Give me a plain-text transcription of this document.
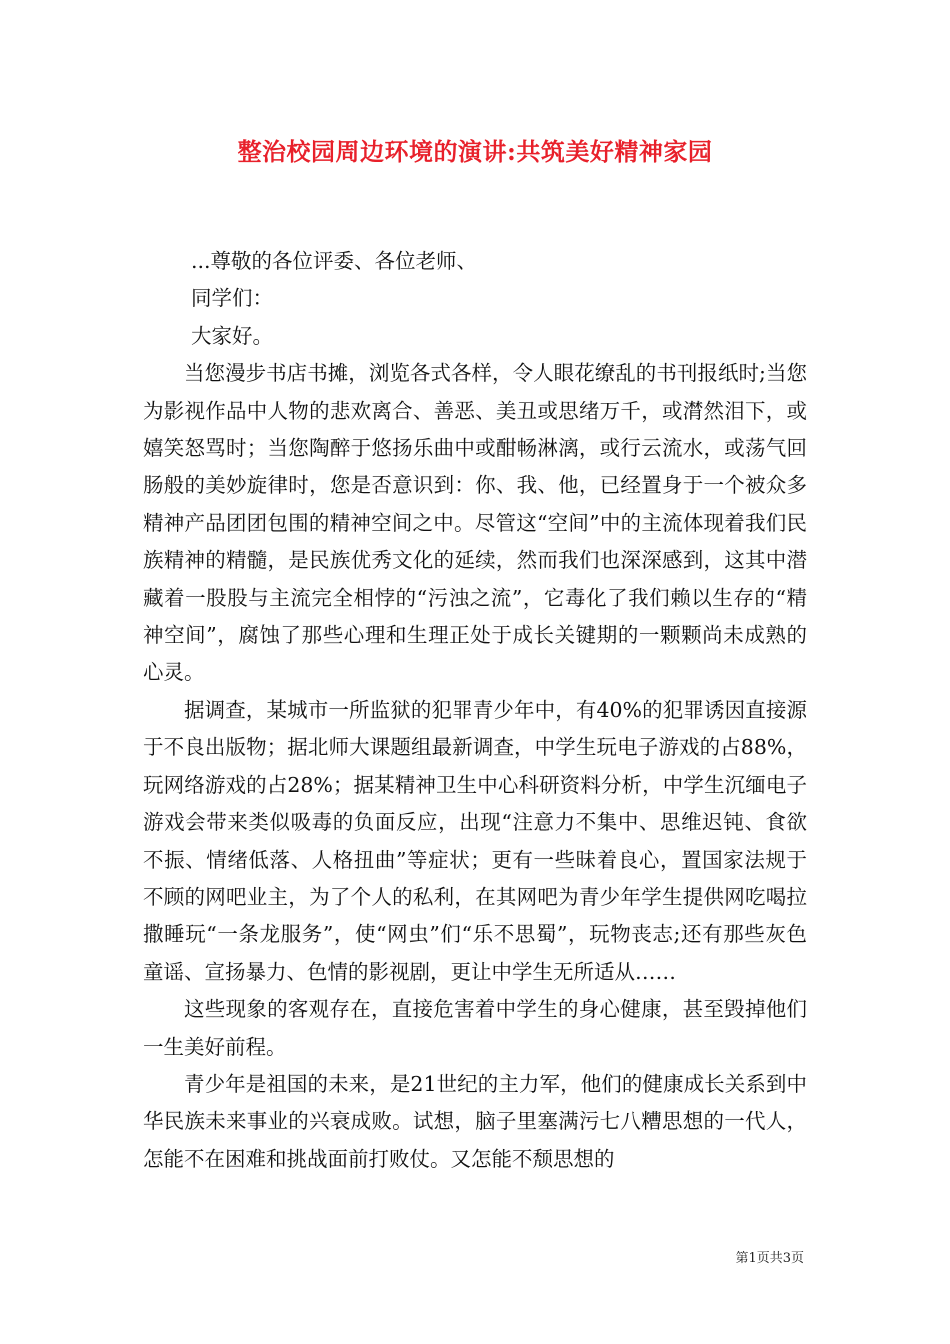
整治校园周边环境的演讲:共筑美好精神家园

...尊敬的各位评委、各位老师、

同学们：

大家好。

当您漫步书店书摊，浏览各式各样，令人眼花缭乱的书刊报纸时;当您为影视作品中人物的悲欢离合、善恶、美丑或思绪万千，或潸然泪下，或嬉笑怒骂时；当您陶醉于悠扬乐曲中或酣畅淋漓，或行云流水，或荡气回肠般的美妙旋律时，您是否意识到：你、我、他，已经置身于一个被众多精神产品团团包围的精神空间之中。尽管这“空间”中的主流体现着我们民族精神的精髓，是民族优秀文化的延续，然而我们也深深感到，这其中潜藏着一股股与主流完全相悖的“污浊之流”，它毒化了我们赖以生存的“精神空间”，腐蚀了那些心理和生理正处于成长关键期的一颗颗尚未成熟的心灵。

据调查，某城市一所监狱的犯罪青少年中，有40%的犯罪诱因直接源于不良出版物；据北师大课题组最新调查，中学生玩电子游戏的占88%，玩网络游戏的占28%；据某精神卫生中心科研资料分析，中学生沉缅电子游戏会带来类似吸毒的负面反应，出现“注意力不集中、思维迟钝、食欲不振、情绪低落、人格扭曲”等症状；更有一些昧着良心，置国家法规于不顾的网吧业主，为了个人的私利，在其网吧为青少年学生提供网吃喝拉撒睡玩“一条龙服务”，使“网虫”们“乐不思蜀”，玩物丧志;还有那些灰色童谣、宣扬暴力、色情的影视剧，更让中学生无所适从……

这些现象的客观存在，直接危害着中学生的身心健康，甚至毁掉他们一生美好前程。

青少年是祖国的未来，是21世纪的主力军，他们的健康成长关系到中华民族未来事业的兴衰成败。试想，脑子里塞满污七八糟思想的一代人，怎能不在困难和挑战面前打败仗。又怎能不颓思想的

第1页共3页
